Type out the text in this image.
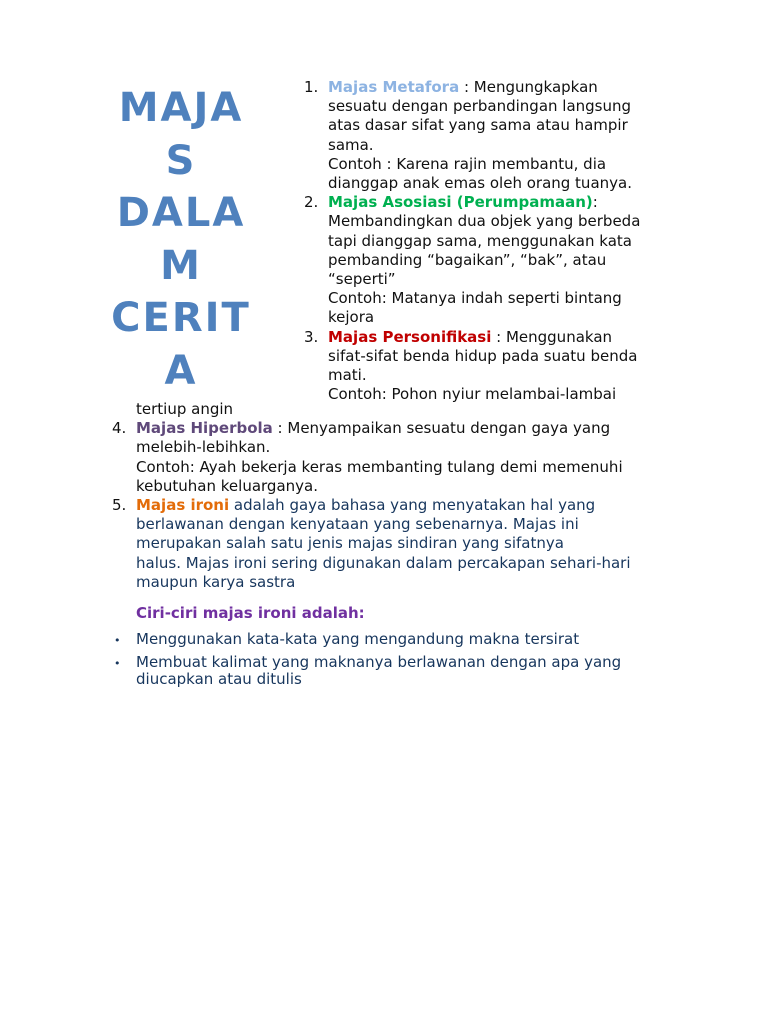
MAJA
S
DALA
M
CERIT
A
1. Majas Metafora : Mengungkapkan
sesuatu dengan perbandingan langsung
atas dasar sifat yang sama atau hampir
sama.
Contoh : Karena rajin membantu, dia
dianggap anak emas oleh orang tuanya.
2. Majas Asosiasi (Perumpamaan):
Membandingkan dua objek yang berbeda
tapi dianggap sama, menggunakan kata
pembanding “bagaikan”, “bak”, atau
“seperti”
Contoh: Matanya indah seperti bintang
kejora
3. Majas Personifikasi : Menggunakan
sifat-sifat benda hidup pada suatu benda
mati.
Contoh: Pohon nyiur melambai-lambai
tertiup angin
4. Majas Hiperbola : Menyampaikan sesuatu dengan gaya yang
melebih-lebihkan.
Contoh: Ayah bekerja keras membanting tulang demi memenuhi
kebutuhan keluarganya.
5. Majas ironi adalah gaya bahasa yang menyatakan hal yang
berlawanan dengan kenyataan yang sebenarnya. Majas ini
merupakan salah satu jenis majas sindiran yang sifatnya
halus. Majas ironi sering digunakan dalam percakapan sehari-hari
maupun karya sastra
Ciri-ciri majas ironi adalah:
• Menggunakan kata-kata yang mengandung makna tersirat
• Membuat kalimat yang maknanya berlawanan dengan apa yang
diucapkan atau ditulis
